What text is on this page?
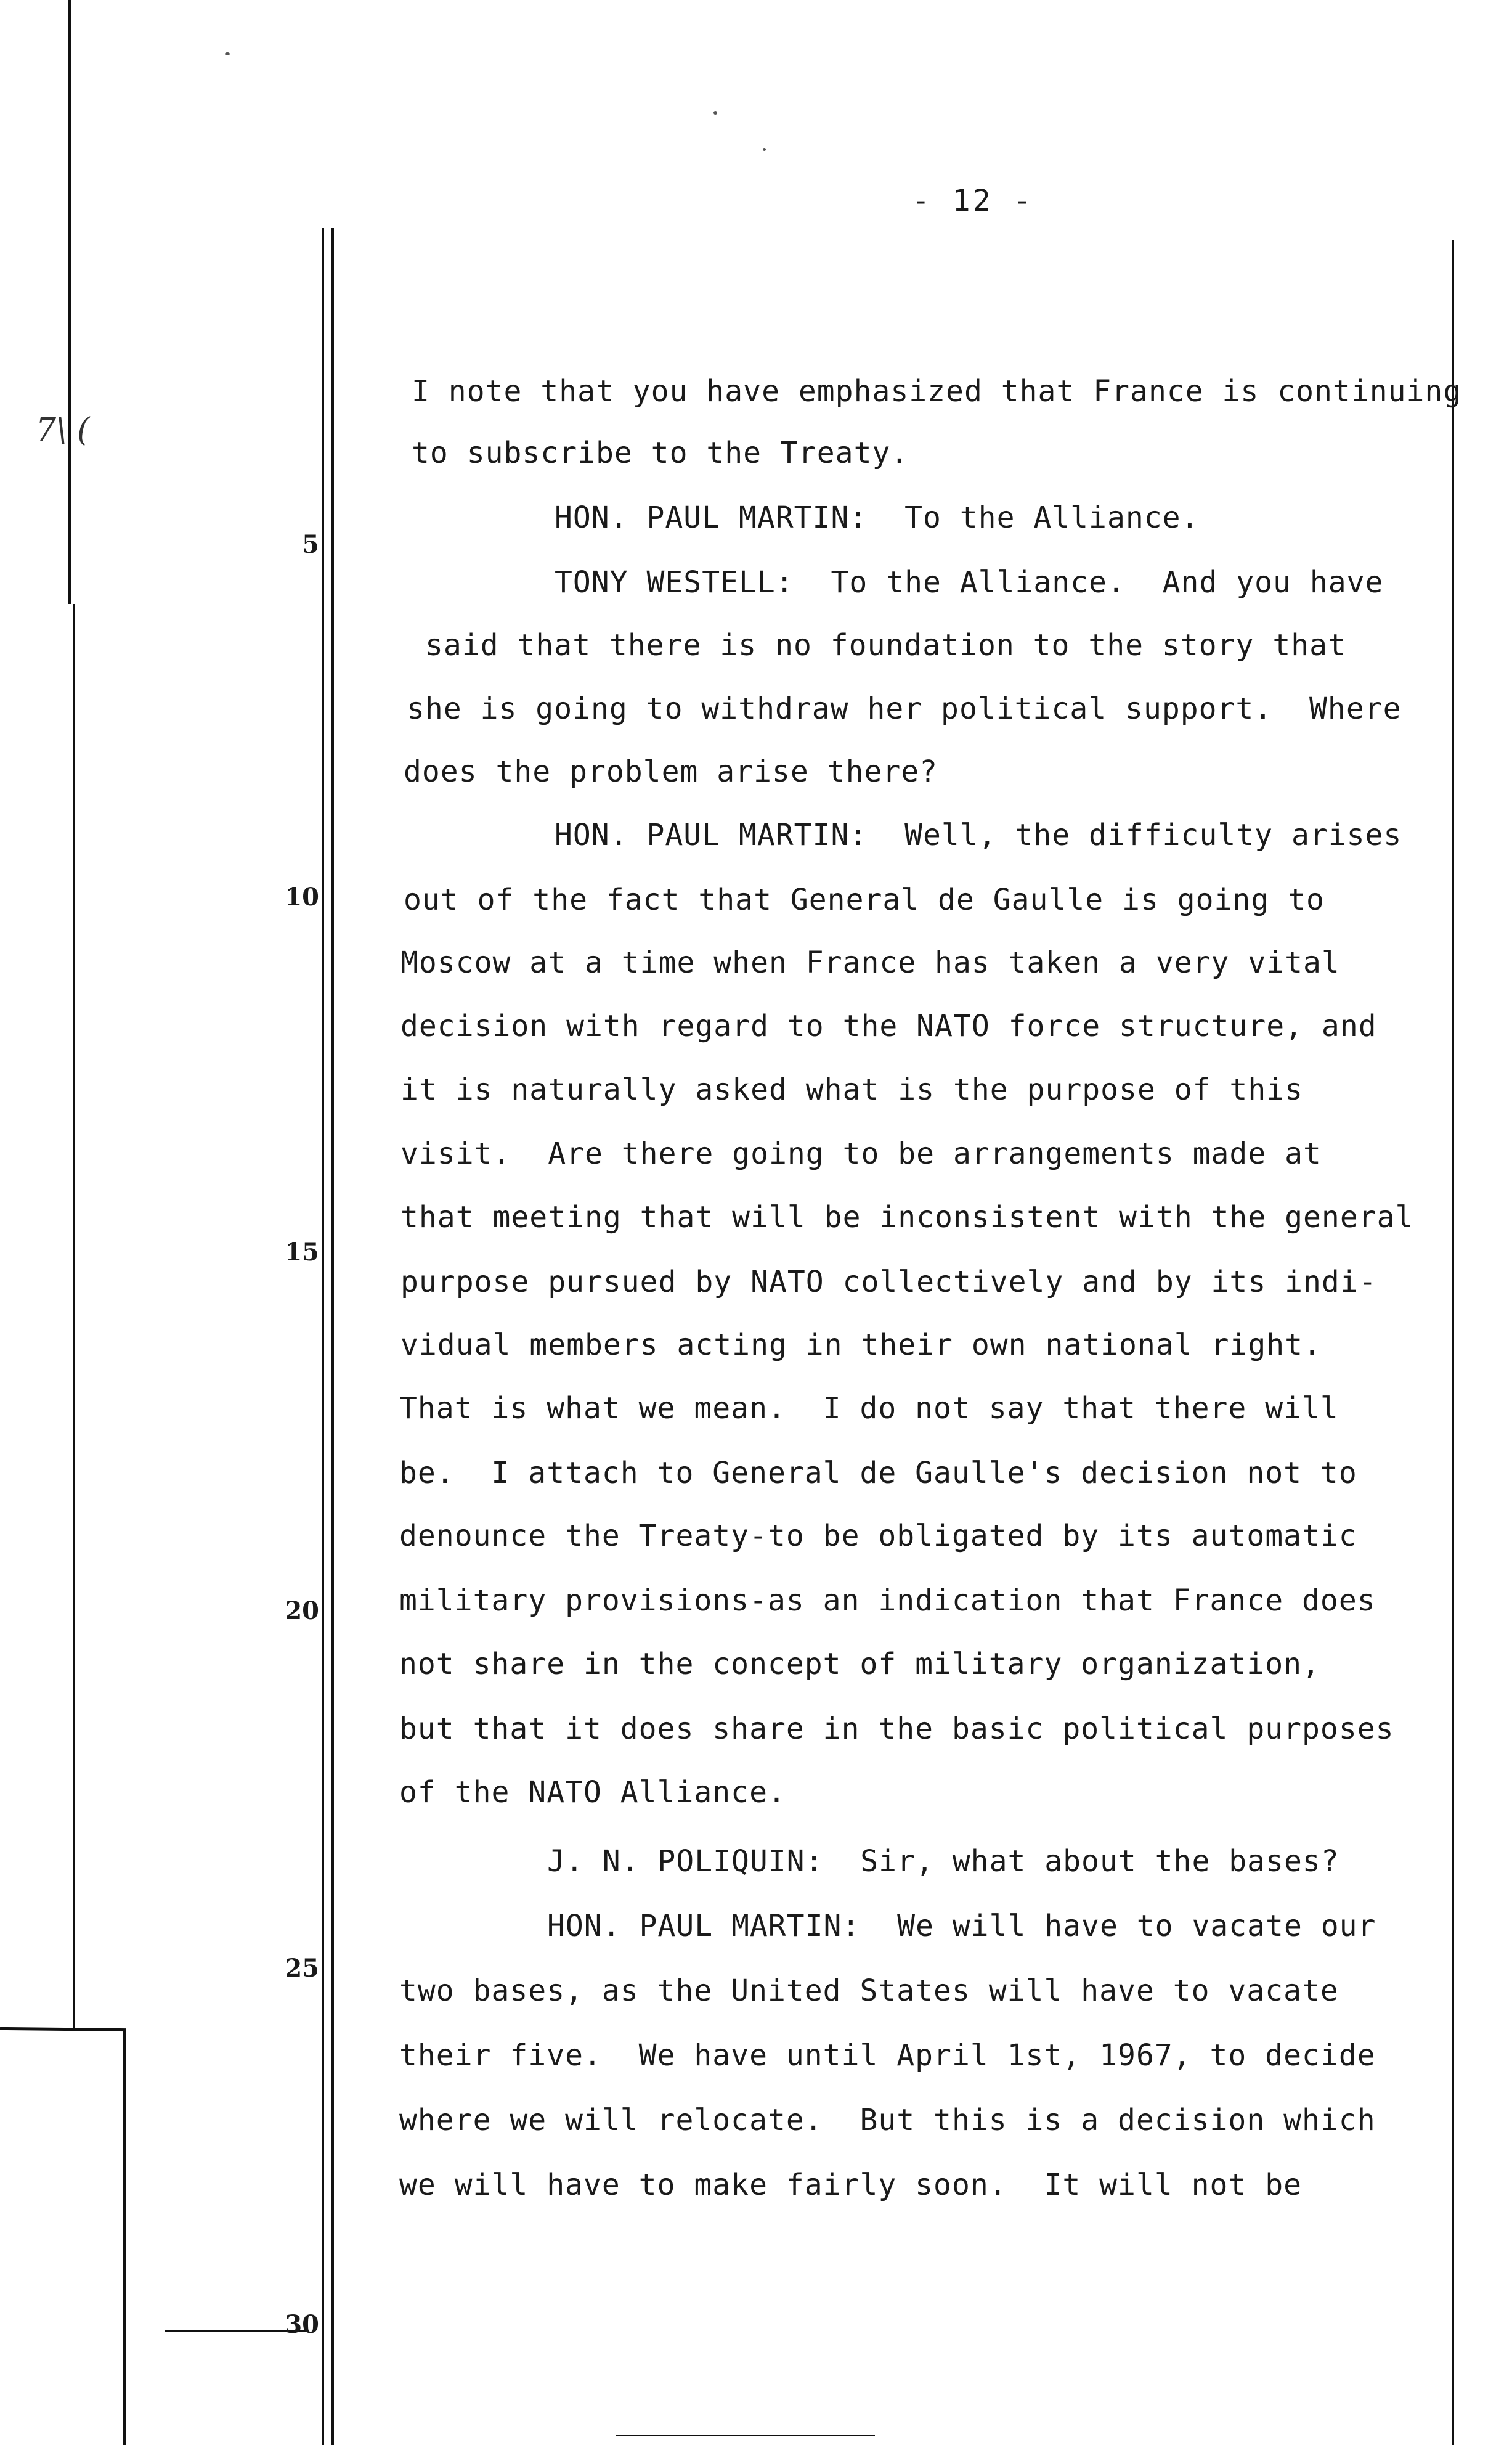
7\ (
- 12 -
5
10
15
20
25
30
I note that you have emphasized that France is continuing
to subscribe to the Treaty.
HON. PAUL MARTIN:  To the Alliance.
TONY WESTELL:  To the Alliance.  And you have
said that there is no foundation to the story that
she is going to withdraw her political support.  Where
does the problem arise there?
HON. PAUL MARTIN:  Well, the difficulty arises
out of the fact that General de Gaulle is going to
Moscow at a time when France has taken a very vital
decision with regard to the NATO force structure, and
it is naturally asked what is the purpose of this
visit.  Are there going to be arrangements made at
that meeting that will be inconsistent with the general
purpose pursued by NATO collectively and by its indi-
vidual members acting in their own national right.
That is what we mean.  I do not say that there will
be.  I attach to General de Gaulle's decision not to
denounce the Treaty-to be obligated by its automatic
military provisions-as an indication that France does
not share in the concept of military organization,
but that it does share in the basic political purposes
of the NATO Alliance.
J. N. POLIQUIN:  Sir, what about the bases?
HON. PAUL MARTIN:  We will have to vacate our
two bases, as the United States will have to vacate
their five.  We have until April 1st, 1967, to decide
where we will relocate.  But this is a decision which
we will have to make fairly soon.  It will not be
